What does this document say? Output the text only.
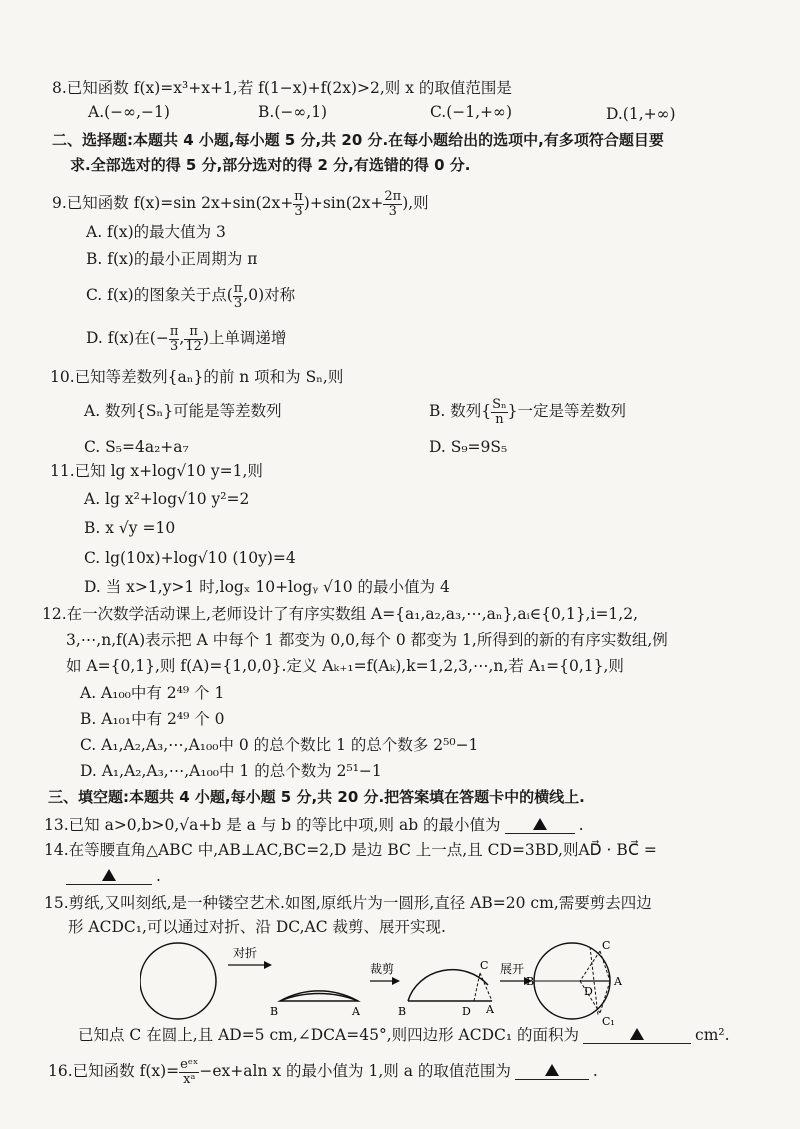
8.已知函数 f(x)=x³+x+1,若 f(1−x)+f(2x)>2,则 x 的取值范围是
A.(−∞,−1)	B.(−∞,1)	C.(−1,+∞)	D.(1,+∞)
二、选择题:本题共 4 小题,每小题 5 分,共 20 分.在每小题给出的选项中,有多项符合题目要
求.全部选对的得 5 分,部分选对的得 2 分,有选错的得 0 分.
9.已知函数 f(x)=sin $2x+\sin(2x+ \frac{\pi}{3} )+\sin(2x+ \frac{2\pi}{3}$ ),则
A. f(x)的最大值为 3
B. f(x)的最小正周期为 π
C. f(x)的图象关于点( $\frac{\pi}{3} ,0$)对称
D. f(x)在(− $\frac{\pi}{3}$ , $\frac{\pi}{12}$ )上单调递增
10.已知等差数列{aₙ}的前 n 项和为 Sₙ,则
A. 数列{Sₙ}可能是等差数列	B. 数列{ $\frac{\text{Sₙ}}{n}$ }一定是等差数列
C. S₅=4a₂+a₇	D. S₉=9S₅
11.已知 lg x+log√10 y=1,则
A. lg x²+log√10 y²=2
B. x √y =10
C. lg(10x)+log√10 (10y)=4
D. 当 x>1,y>1 时,logₓ 10+logᵧ √10 的最小值为 4
12.在一次数学活动课上,老师设计了有序实数组 A={a₁,a₂,a₃,⋯,aₙ},aᵢ∈{0,1},i=1,2,
3,⋯,n,f(A)表示把 A 中每个 1 都变为 0,0,每个 0 都变为 1,所得到的新的有序实数组,例
如 A={0,1},则 f(A)={1,0,0}.定义 Aₖ₊₁=f(Aₖ),k=1,2,3,⋯,n,若 A₁={0,1},则
A. A₁₀₀中有 2⁴⁹ 个 1
B. A₁₀₁中有 2⁴⁹ 个 0
C. A₁,A₂,A₃,⋯,A₁₀₀中 0 的总个数比 1 的总个数多 2⁵⁰−1
D. A₁,A₂,A₃,⋯,A₁₀₀中 1 的总个数为 2⁵¹−1
三、填空题:本题共 4 小题,每小题 5 分,共 20 分.把答案填在答题卡中的横线上.
13.已知 a>0,b>0,√a+b 是 a 与 b 的等比中项,则 ab 的最小值为	.
14.在等腰直角△ABC 中,AB⊥AC,BC=2,D 是边 BC 上一点,且 CD=3BD,则AD⃗ · BC⃗ =
.
15.剪纸,又叫刻纸,是一种镂空艺术.如图,原纸片为一圆形,直径 AB=20 cm,需要剪去四边
形 ACDC₁,可以通过对折、沿 DC,AC 裁剪、展开实现.
对折
B	A
裁剪
B	D A
C 展开
B	A
C
D
C₁
已知点 C 在圆上,且 AD=5 cm,∠DCA=45°,则四边形 ACDC₁ 的面积为	cm².
16.已知函数 f(x)= eᵉˣ
xᵃ −ex+aln x 的最小值为 1,则 a 的取值范围为	.
